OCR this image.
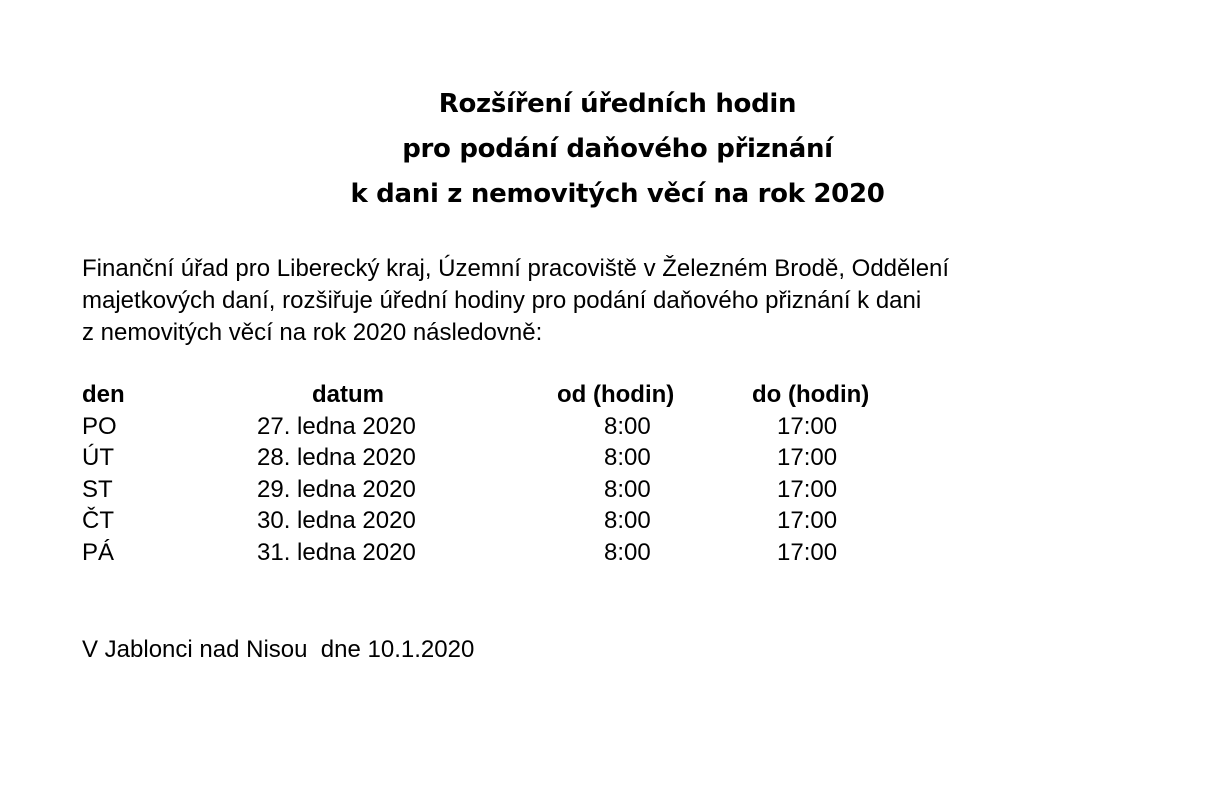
Rozšíření úředních hodin
pro podání daňového přiznání
k dani z nemovitých věcí na rok 2020
Finanční úřad pro Liberecký kraj, Územní pracoviště v Železném Brodě, Oddělení
majetkových daní, rozšiřuje úřední hodiny pro podání daňového přiznání k dani
z nemovitých věcí na rok 2020 následovně:
den	datum	od (hodin)	do (hodin)
PO	27. ledna 2020	8:00	17:00
ÚT	28. ledna 2020	8:00	17:00
ST	29. ledna 2020	8:00	17:00
ČT	30. ledna 2020	8:00	17:00
PÁ	31. ledna 2020	8:00	17:00
V Jablonci nad Nisou  dne 10.1.2020
